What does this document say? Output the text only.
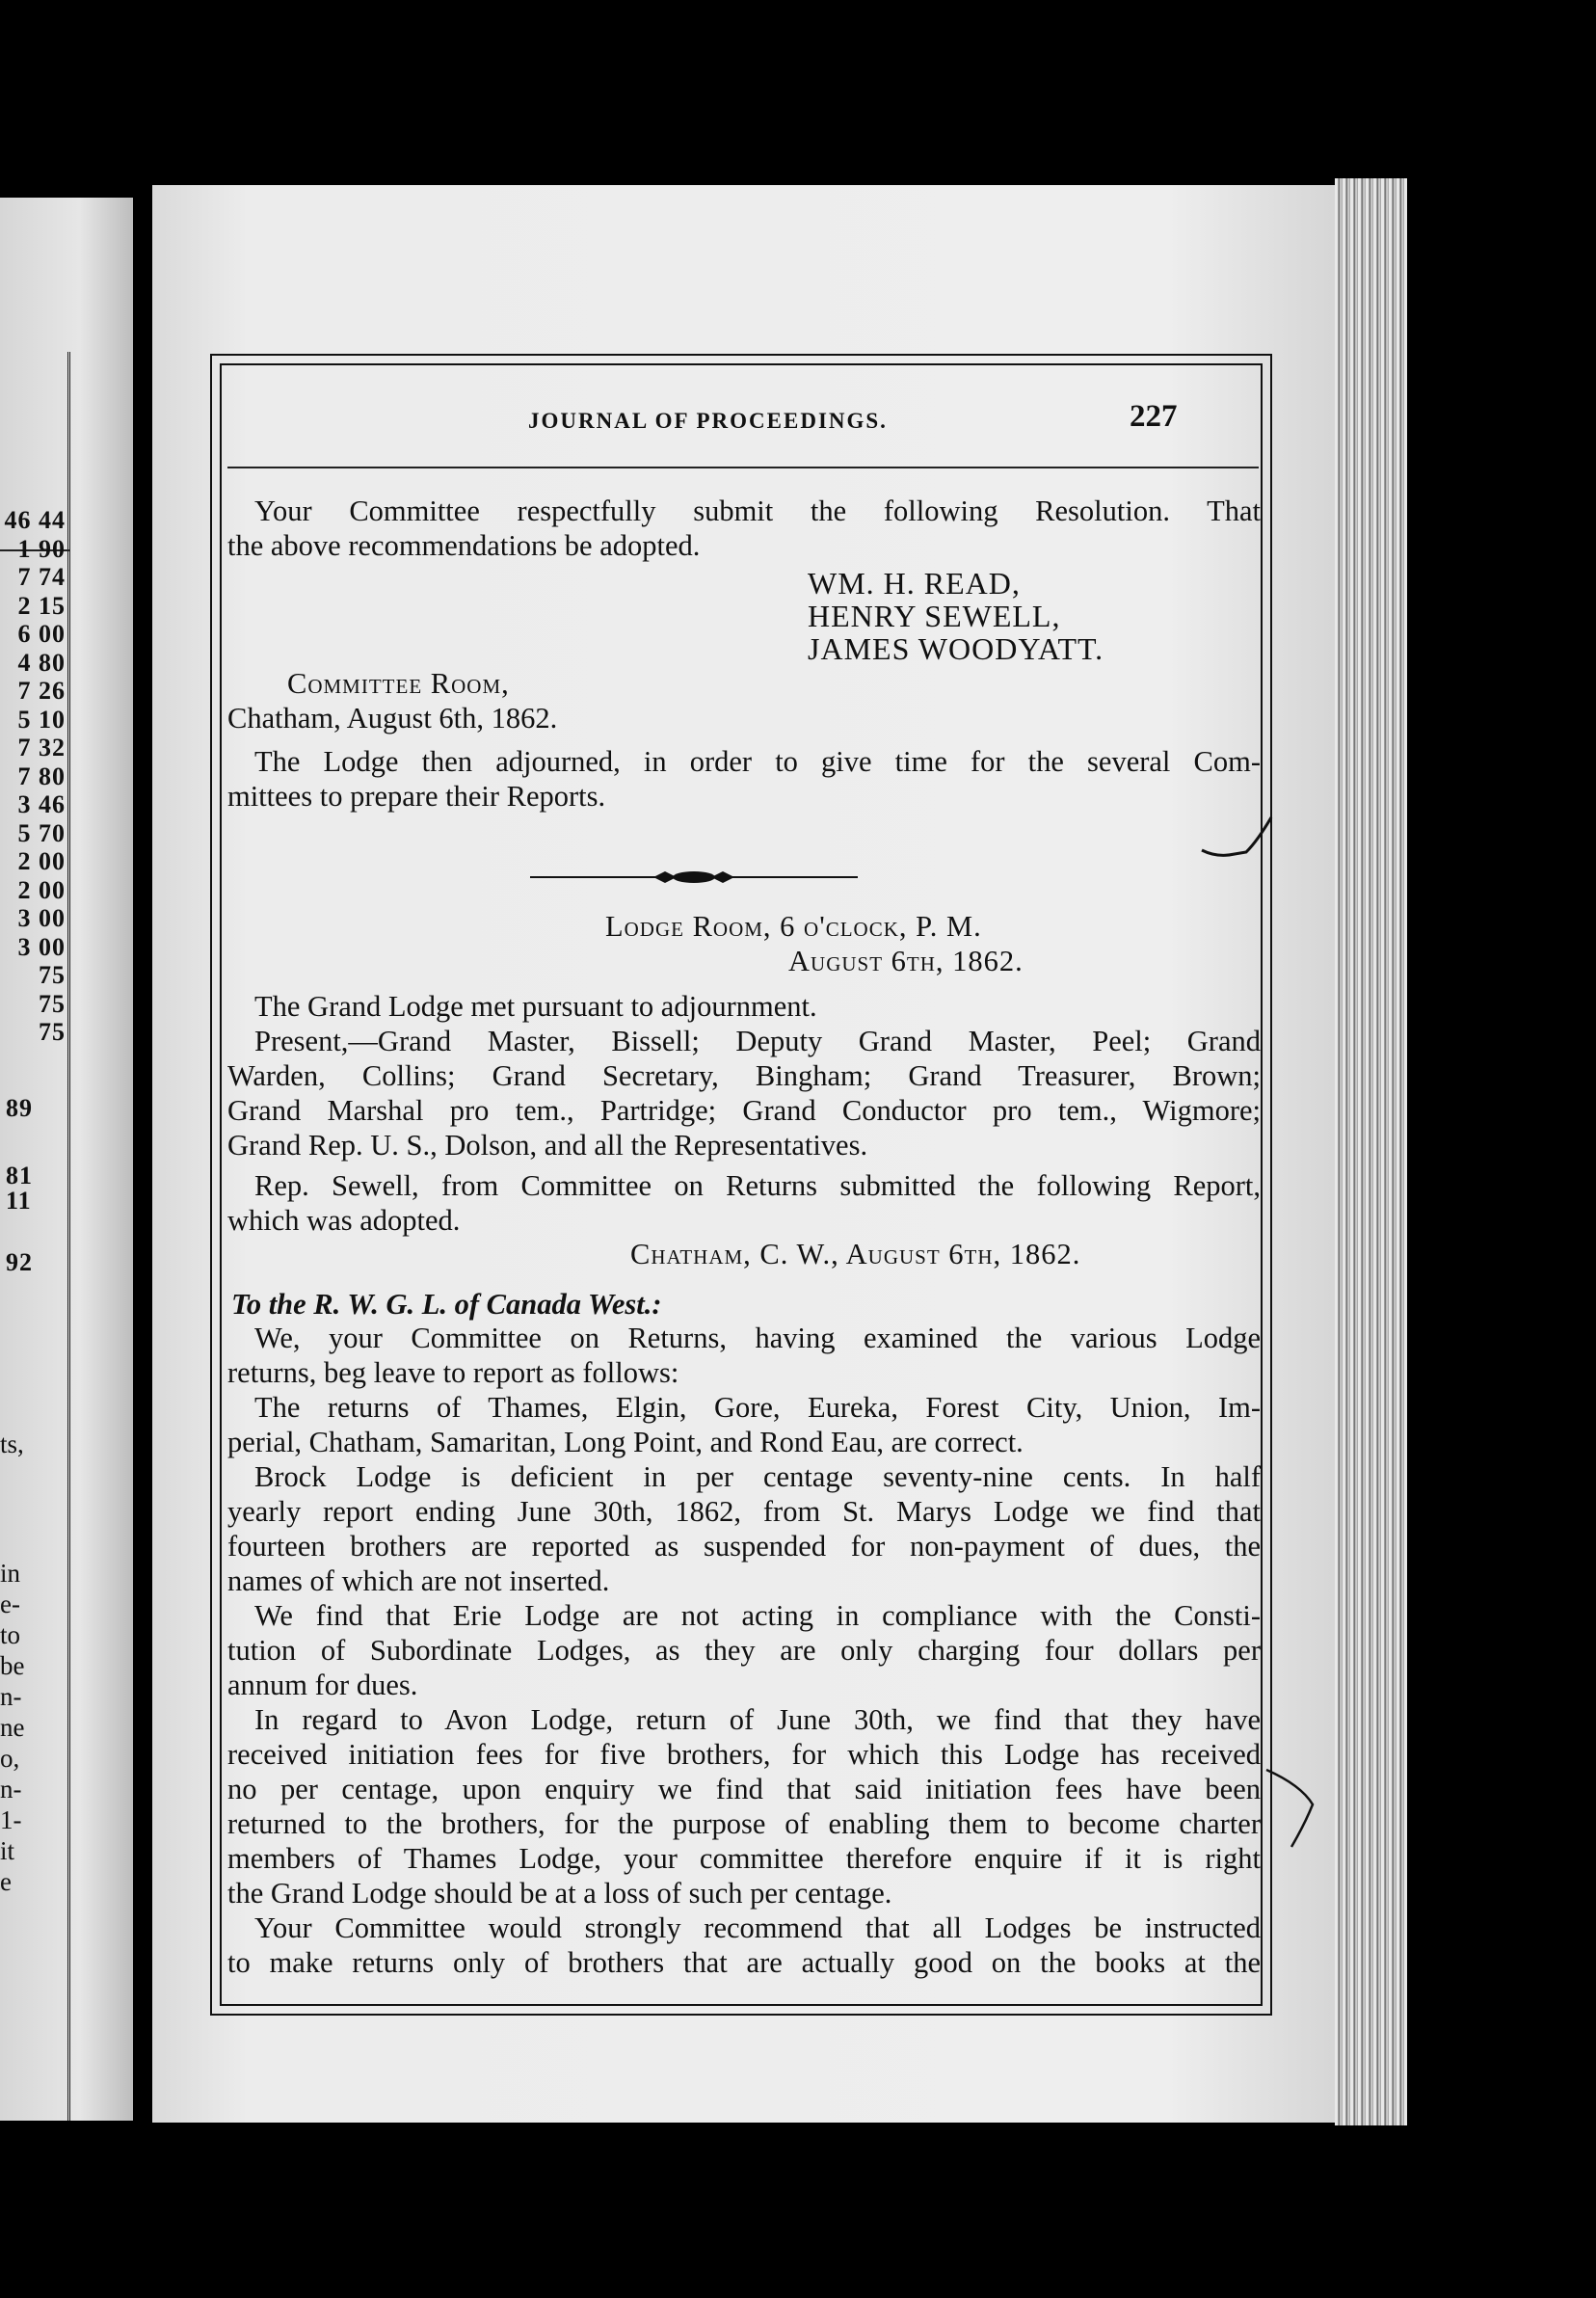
46 44
1 90
7 74
2 15
6 00
4 80
7 26
5 10
7 32
7 80
3 46
5 70
2 00
2 00
3 00
3 00
75
75
75
89
81
11
92
ts,
in
e-
to
be
n-
ne
o,
n-
1-
it
e
JOURNAL OF PROCEEDINGS.	227
Your Committee respectfully submit the following Resolution. That
the above recommendations be adopted.
WM. H. READ,
HENRY SEWELL,
JAMES WOODYATT.
Committee Room,
Chatham, August 6th, 1862.
The Lodge then adjourned, in order to give time for the several Com-
mittees to prepare their Reports.
Lodge Room, 6 o'clock, P. M.
August 6th, 1862.
The Grand Lodge met pursuant to adjournment.
Present,—Grand Master, Bissell; Deputy Grand Master, Peel; Grand
Warden, Collins; Grand Secretary, Bingham; Grand Treasurer, Brown;
Grand Marshal pro tem., Partridge; Grand Conductor pro tem., Wigmore;
Grand Rep. U. S., Dolson, and all the Representatives.
Rep. Sewell, from Committee on Returns submitted the following Report,
which was adopted.
Chatham, C. W., August 6th, 1862.
To the R. W. G. L. of Canada West.:
We, your Committee on Returns, having examined the various Lodge
returns, beg leave to report as follows:
The returns of Thames, Elgin, Gore, Eureka, Forest City, Union, Im-
perial, Chatham, Samaritan, Long Point, and Rond Eau, are correct.
Brock Lodge is deficient in per centage seventy-nine cents. In half
yearly report ending June 30th, 1862, from St. Marys Lodge we find that
fourteen brothers are reported as suspended for non-payment of dues, the
names of which are not inserted.
We find that Erie Lodge are not acting in compliance with the Consti-
tution of Subordinate Lodges, as they are only charging four dollars per
annum for dues.
In regard to Avon Lodge, return of June 30th, we find that they have
received initiation fees for five brothers, for which this Lodge has received
no per centage, upon enquiry we find that said initiation fees have been
returned to the brothers, for the purpose of enabling them to become charter
members of Thames Lodge, your committee therefore enquire if it is right
the Grand Lodge should be at a loss of such per centage.
Your Committee would strongly recommend that all Lodges be instructed
to make returns only of brothers that are actually good on the books at the
